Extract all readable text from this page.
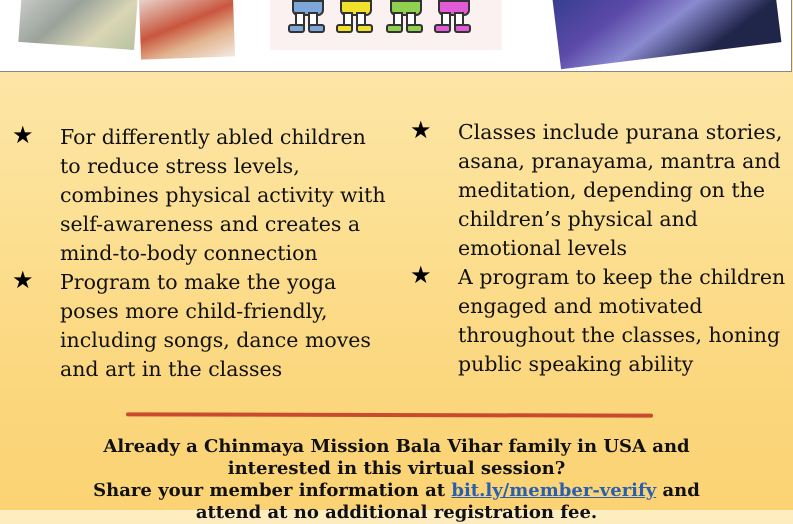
★ For differently abled children to reduce stress levels, combines physical activity with self-awareness and creates a mind-to-body connection
★ Program to make the yoga poses more child-friendly, including songs, dance moves and art in the classes
★ Classes include purana stories, asana, pranayama, mantra and meditation, depending on the children’s physical and emotional levels
★ A program to keep the children engaged and motivated throughout the classes, honing public speaking ability
Already a Chinmaya Mission Bala Vihar family in USA and
interested in this virtual session?
Share your member information at bit.ly/member-verify and
attend at no additional registration fee.
